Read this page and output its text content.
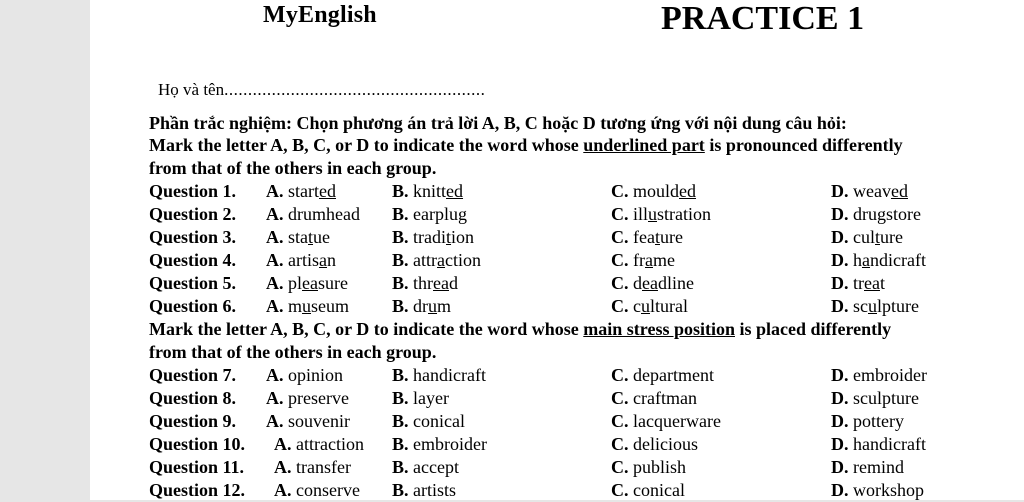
MyEnglish	PRACTICE 1
Họ và tên.......................................................
Phần trắc nghiệm: Chọn phương án trả lời A, B, C hoặc D tương ứng với nội dung câu hỏi:
Mark the letter A, B, C, or D to indicate the word whose underlined part is pronounced differently
from that of the others in each group.
Question 1. A. started	B. knitted	C. moulded	D. weaved
Question 2. A. drumhead B. earplug	C. illustration	D. drugstore
Question 3. A. statue	B. tradition	C. feature	D. culture
Question 4. A. artisan	B. attraction	C. frame	D. handicraft
Question 5. A. pleasure B. thread	C. deadline	D. treat
Question 6. A. museum B. drum	C. cultural	D. sculpture
Mark the letter A, B, C, or D to indicate the word whose main stress position is placed differently
from that of the others in each group.
Question 7. A. opinion	B. handicraft	C. department	D. embroider
Question 8. A. preserve B. layer	C. craftman	D. sculpture
Question 9. A. souvenir B. conical	C. lacquerware	D. pottery
Question 10. A. attraction B. embroider	C. delicious	D. handicraft
Question 11. A. transfer B. accept	C. publish	D. remind
Question 12. A. conserve B. artists	C. conical	D. workshop
